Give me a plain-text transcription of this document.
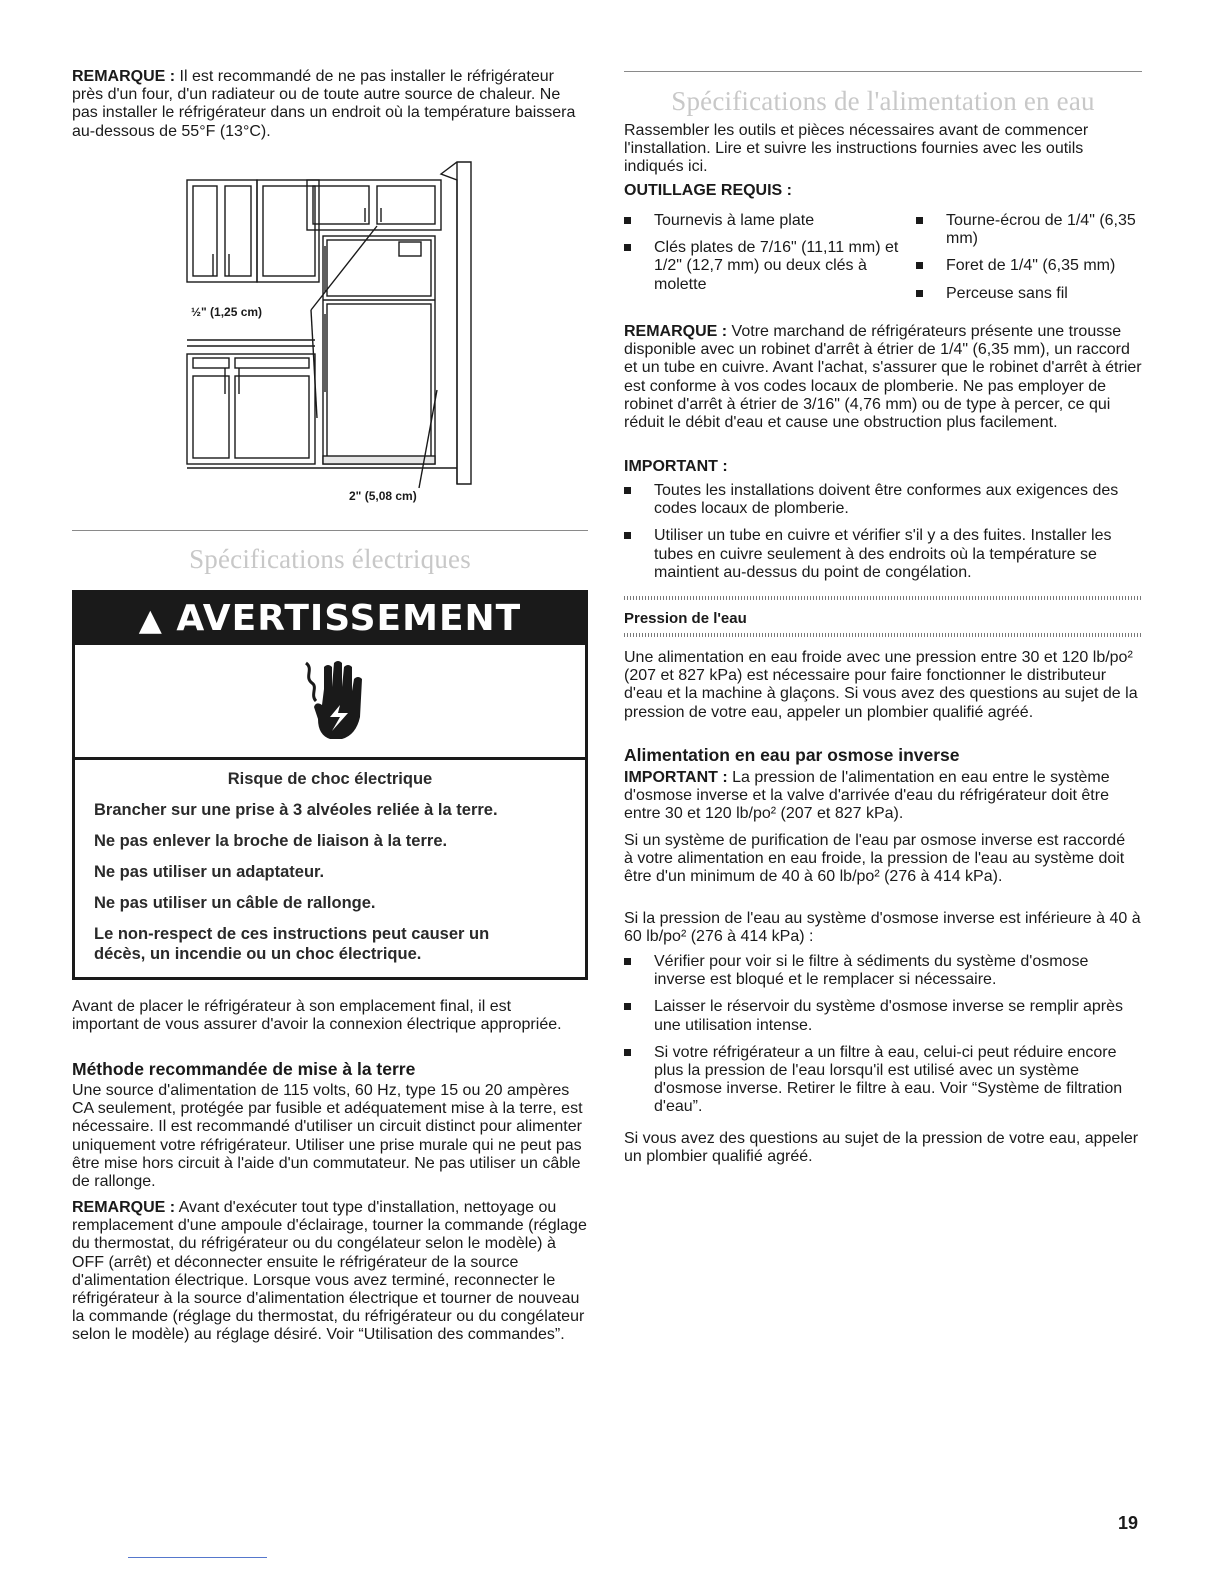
REMARQUE : Il est recommandé de ne pas installer le réfrigérateur près d'un four, d'un radiateur ou de toute autre source de chaleur. Ne pas installer le réfrigérateur dans un endroit où la température baissera au-dessous de 55°F (13°C).

½" (1,25 cm)
2" (5,08 cm)
Spécifications électriques
▲ AVERTISSEMENT
Risque de choc électrique
Brancher sur une prise à 3 alvéoles reliée à la terre.
Ne pas enlever la broche de liaison à la terre.
Ne pas utiliser un adaptateur.
Ne pas utiliser un câble de rallonge.
Le non-respect de ces instructions peut causer un décès, un incendie ou un choc électrique.

Avant de placer le réfrigérateur à son emplacement final, il est important de vous assurer d'avoir la connexion électrique appropriée.

Méthode recommandée de mise à la terre

Une source d'alimentation de 115 volts, 60 Hz, type 15 ou 20 ampères CA seulement, protégée par fusible et adéquatement mise à la terre, est nécessaire. Il est recommandé d'utiliser un circuit distinct pour alimenter uniquement votre réfrigérateur. Utiliser une prise murale qui ne peut pas être mise hors circuit à l'aide d'un commutateur. Ne pas utiliser un câble de rallonge.

REMARQUE : Avant d'exécuter tout type d'installation, nettoyage ou remplacement d'une ampoule d'éclairage, tourner la commande (réglage du thermostat, du réfrigérateur ou du congélateur selon le modèle) à OFF (arrêt) et déconnecter ensuite le réfrigérateur de la source d'alimentation électrique. Lorsque vous avez terminé, reconnecter le réfrigérateur à la source d'alimentation électrique et tourner de nouveau la commande (réglage du thermostat, du réfrigérateur ou du congélateur selon le modèle) au réglage désiré. Voir “Utilisation des commandes”.

Spécifications de l'alimentation en eau

Rassembler les outils et pièces nécessaires avant de commencer l'installation. Lire et suivre les instructions fournies avec les outils indiqués ici.

OUTILLAGE REQUIS :
Tournevis à lame plate
Clés plates de 7/16" (11,11 mm) et 1/2" (12,7 mm) ou deux clés à molette
Tourne-écrou de 1/4" (6,35 mm)
Foret de 1/4" (6,35 mm)
Perceuse sans fil

REMARQUE : Votre marchand de réfrigérateurs présente une trousse disponible avec un robinet d'arrêt à étrier de 1/4" (6,35 mm), un raccord et un tube en cuivre. Avant l'achat, s'assurer que le robinet d'arrêt à étrier est conforme à vos codes locaux de plomberie. Ne pas employer de robinet d'arrêt à étrier de 3/16" (4,76 mm) ou de type à percer, ce qui réduit le débit d'eau et cause une obstruction plus facilement.

IMPORTANT :
Toutes les installations doivent être conformes aux exigences des codes locaux de plomberie.
Utiliser un tube en cuivre et vérifier s'il y a des fuites. Installer les tubes en cuivre seulement à des endroits où la température se maintient au-dessus du point de congélation.
Pression de l'eau

Une alimentation en eau froide avec une pression entre 30 et 120 lb/po² (207 et 827 kPa) est nécessaire pour faire fonctionner le distributeur d'eau et la machine à glaçons. Si vous avez des questions au sujet de la pression de votre eau, appeler un plombier qualifié agréé.

Alimentation en eau par osmose inverse

IMPORTANT : La pression de l'alimentation en eau entre le système d'osmose inverse et la valve d'arrivée d'eau du réfrigérateur doit être entre 30 et 120 lb/po² (207 et 827 kPa).

Si un système de purification de l'eau par osmose inverse est raccordé à votre alimentation en eau froide, la pression de l'eau au système doit être d'un minimum de 40 à 60 lb/po² (276 à 414 kPa).

Si la pression de l'eau au système d'osmose inverse est inférieure à 40 à 60 lb/po² (276 à 414 kPa) :

Vérifier pour voir si le filtre à sédiments du système d'osmose inverse est bloqué et le remplacer si nécessaire.
Laisser le réservoir du système d'osmose inverse se remplir après une utilisation intense.
Si votre réfrigérateur a un filtre à eau, celui-ci peut réduire encore plus la pression de l'eau lorsqu'il est utilisé avec un système d'osmose inverse. Retirer le filtre à eau. Voir “Système de filtration d'eau”.

Si vous avez des questions au sujet de la pression de votre eau, appeler un plombier qualifié agréé.

19
